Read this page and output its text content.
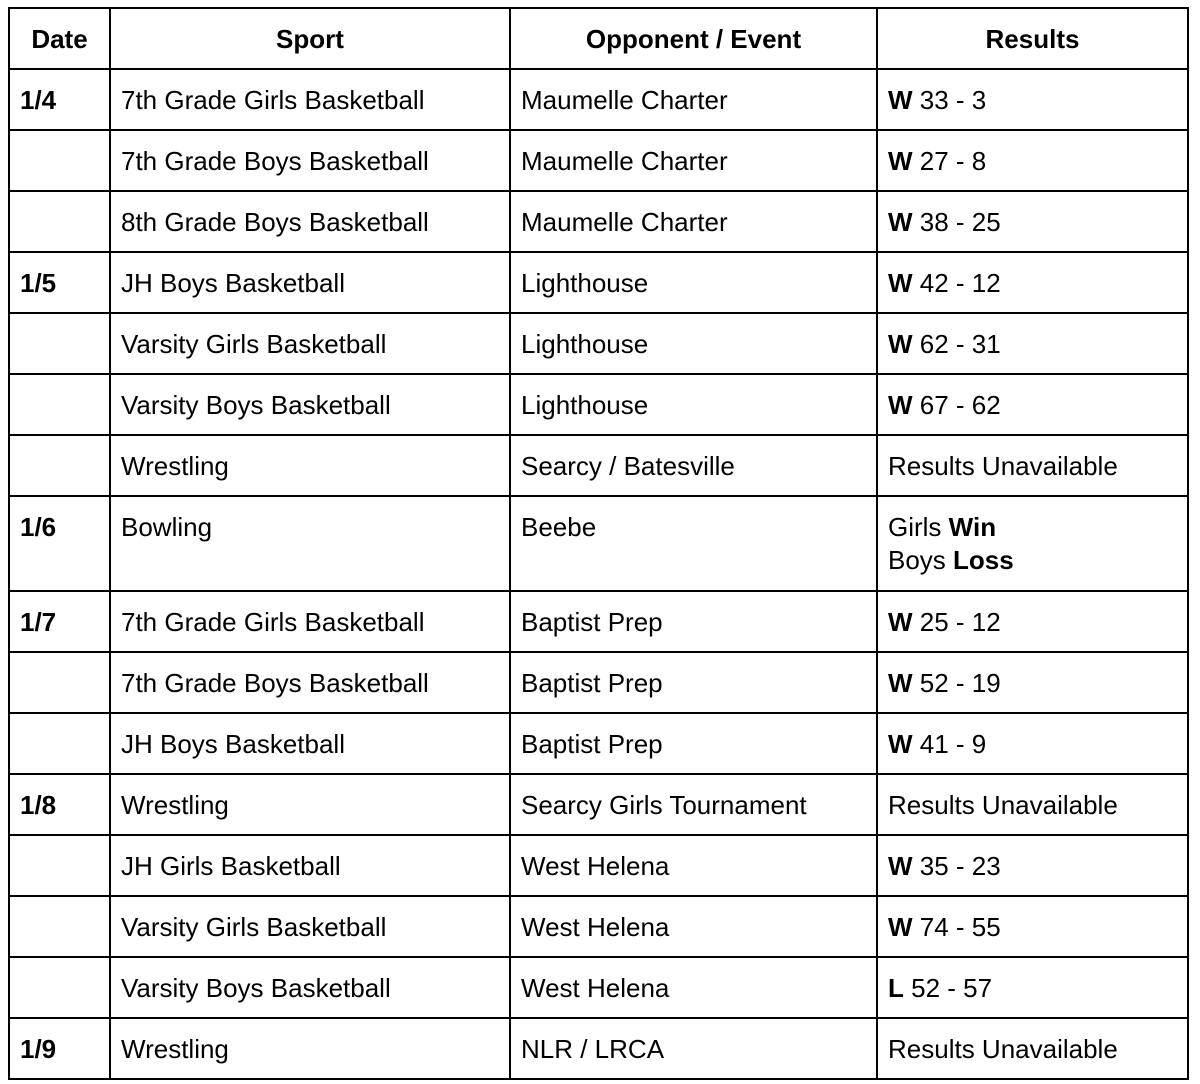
Date	Sport	Opponent / Event	Results
1/4	7th Grade Girls Basketball	Maumelle Charter	W 33 - 3
	7th Grade Boys Basketball	Maumelle Charter	W 27 - 8
	8th Grade Boys Basketball	Maumelle Charter	W 38 - 25
1/5	JH Boys Basketball	Lighthouse	W 42 - 12
	Varsity Girls Basketball	Lighthouse	W 62 - 31
	Varsity Boys Basketball	Lighthouse	W 67 - 62
	Wrestling	Searcy / Batesville	Results Unavailable
1/6	Bowling	Beebe	Girls Win
Boys Loss

1/7	7th Grade Girls Basketball	Baptist Prep	W 25 - 12
	7th Grade Boys Basketball	Baptist Prep	W 52 - 19
	JH Boys Basketball	Baptist Prep	W 41 - 9
1/8	Wrestling	Searcy Girls Tournament	Results Unavailable
	JH Girls Basketball	West Helena	W 35 - 23
	Varsity Girls Basketball	West Helena	W 74 - 55
	Varsity Boys Basketball	West Helena	L 52 - 57
1/9	Wrestling	NLR / LRCA	Results Unavailable
